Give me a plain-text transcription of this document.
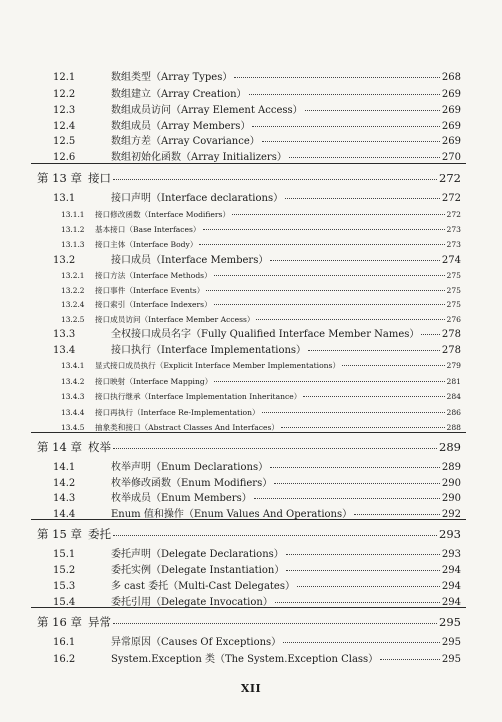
12.1	数组类型（Array Types）	268
12.2	数组建立（Array Creation）	269
12.3	数组成员访问（Array Element Access）	269
12.4	数组成员（Array Members）	269
12.5	数组方差（Array Covariance）	269
12.6	数组初始化函数（Array Initializers）	270
第 13 章 接口	272
13.1	接口声明（Interface declarations）	272
13.1.1	接口修改函数（Interface Modifiers）	272
13.1.2	基本接口（Base Interfaces）	273
13.1.3	接口主体（Interface Body）	273
13.2	接口成员（Interface Members）	274
13.2.1	接口方法（Interface Methods）	275
13.2.2	接口事件（Interface Events）	275
13.2.4	接口索引（Interface Indexers）	275
13.2.5	接口成员访问（Interface Member Access）	276
13.3	全权接口成员名字（Fully Qualified Interface Member Names） 278
13.4	接口执行（Interface Implementations）	278
13.4.1	显式接口成员执行（Explicit Interface Member Implementations）	279
13.4.2	接口映射（Interface Mapping）	281
13.4.3	接口执行继承（Interface Implementation Inheritance）	284
13.4.4	接口再执行（Interface Re-Implementation）	286
13.4.5	抽象类和接口（Abstract Classes And Interfaces）	288
第 14 章 枚举	289
14.1	枚举声明（Enum Declarations）	289
14.2	枚举修改函数（Enum Modifiers）	290
14.3	枚举成员（Enum Members）	290
14.4	Enum 值和操作（Enum Values And Operations）	292
第 15 章 委托	293
15.1	委托声明（Delegate Declarations）	293
15.2	委托实例（Delegate Instantiation）	294
15.3	多 cast 委托（Multi-Cast Delegates）	294
15.4	委托引用（Delegate Invocation）	294
第 16 章 异常	295
16.1	异常原因（Causes Of Exceptions）	295
16.2	System.Exception 类（The System.Exception Class）	295
XII
